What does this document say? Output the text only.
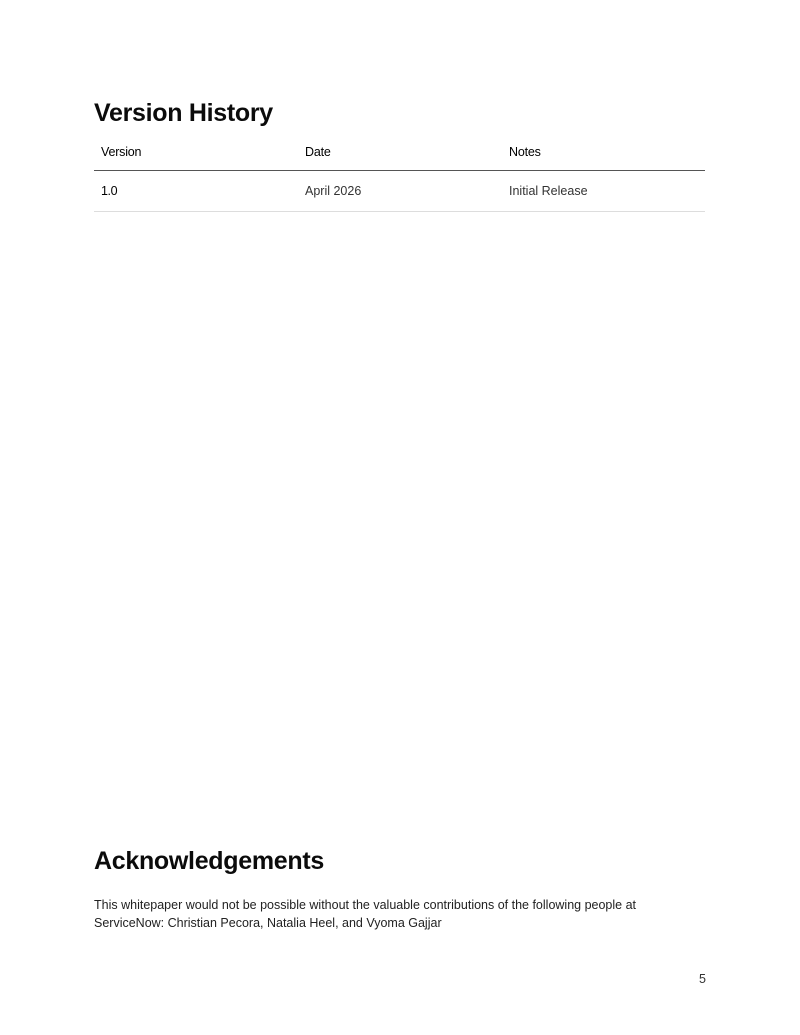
Version History
Version	Date	Notes
1.0	April 2026	Initial Release
Acknowledgements

This whitepaper would not be possible without the valuable contributions of the following people at ServiceNow: Christian Pecora, Natalia Heel, and Vyoma Gajjar

5
